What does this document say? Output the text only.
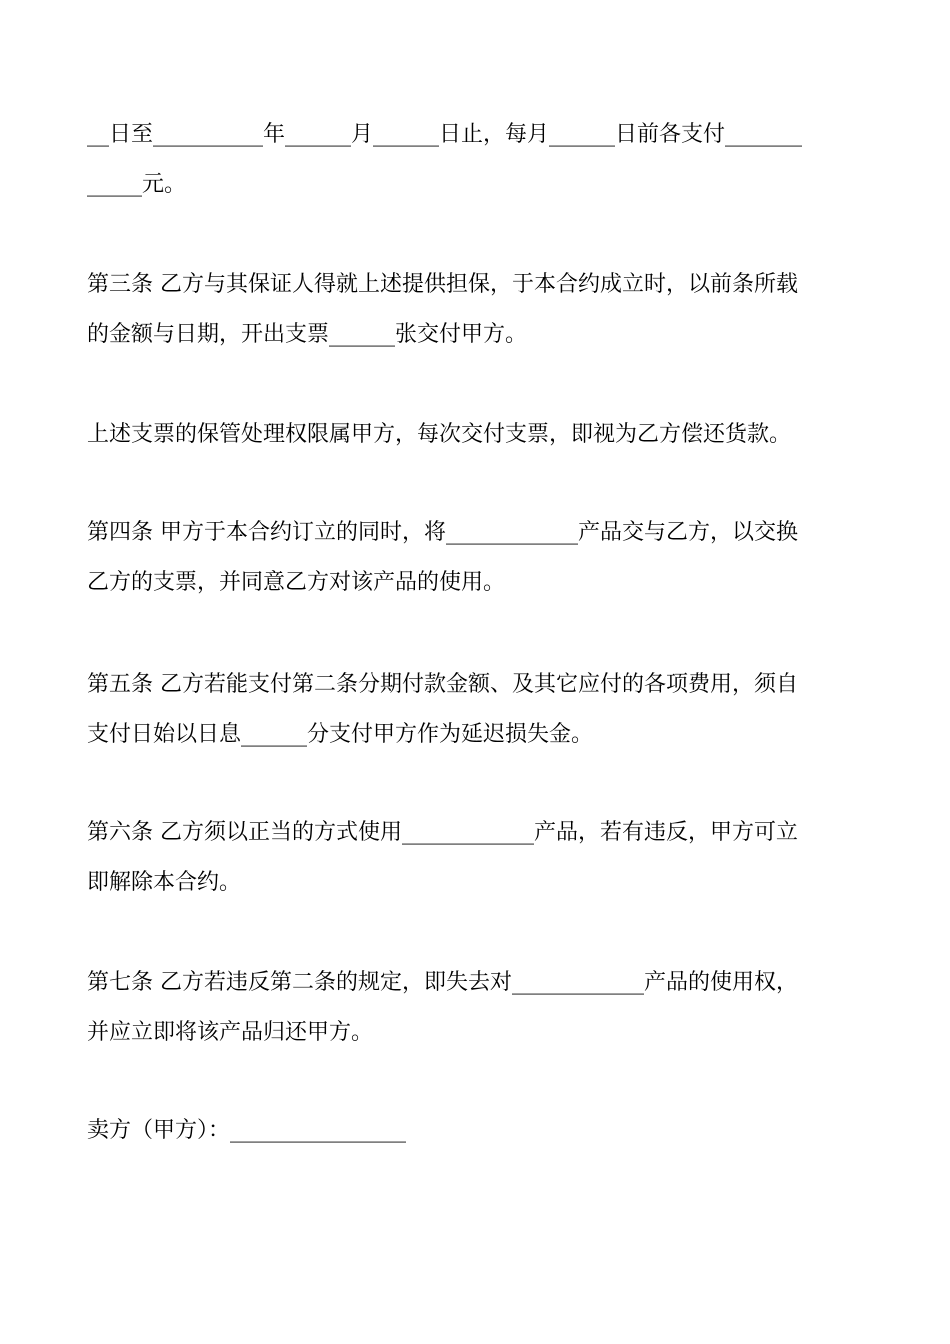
__日至__________年______月______日止，每月______日前各支付_______
_____元。

第三条 乙方与其保证人得就上述提供担保，于本合约成立时，以前条所载
的金额与日期，开出支票______张交付甲方。

上述支票的保管处理权限属甲方，每次交付支票，即视为乙方偿还货款。

第四条 甲方于本合约订立的同时，将____________产品交与乙方，以交换
乙方的支票，并同意乙方对该产品的使用。

第五条 乙方若能支付第二条分期付款金额、及其它应付的各项费用，须自
支付日始以日息______分支付甲方作为延迟损失金。

第六条 乙方须以正当的方式使用____________产品，若有违反，甲方可立
即解除本合约。

第七条 乙方若违反第二条的规定，即失去对____________产品的使用权，
并应立即将该产品归还甲方。

卖方（甲方）：________________
